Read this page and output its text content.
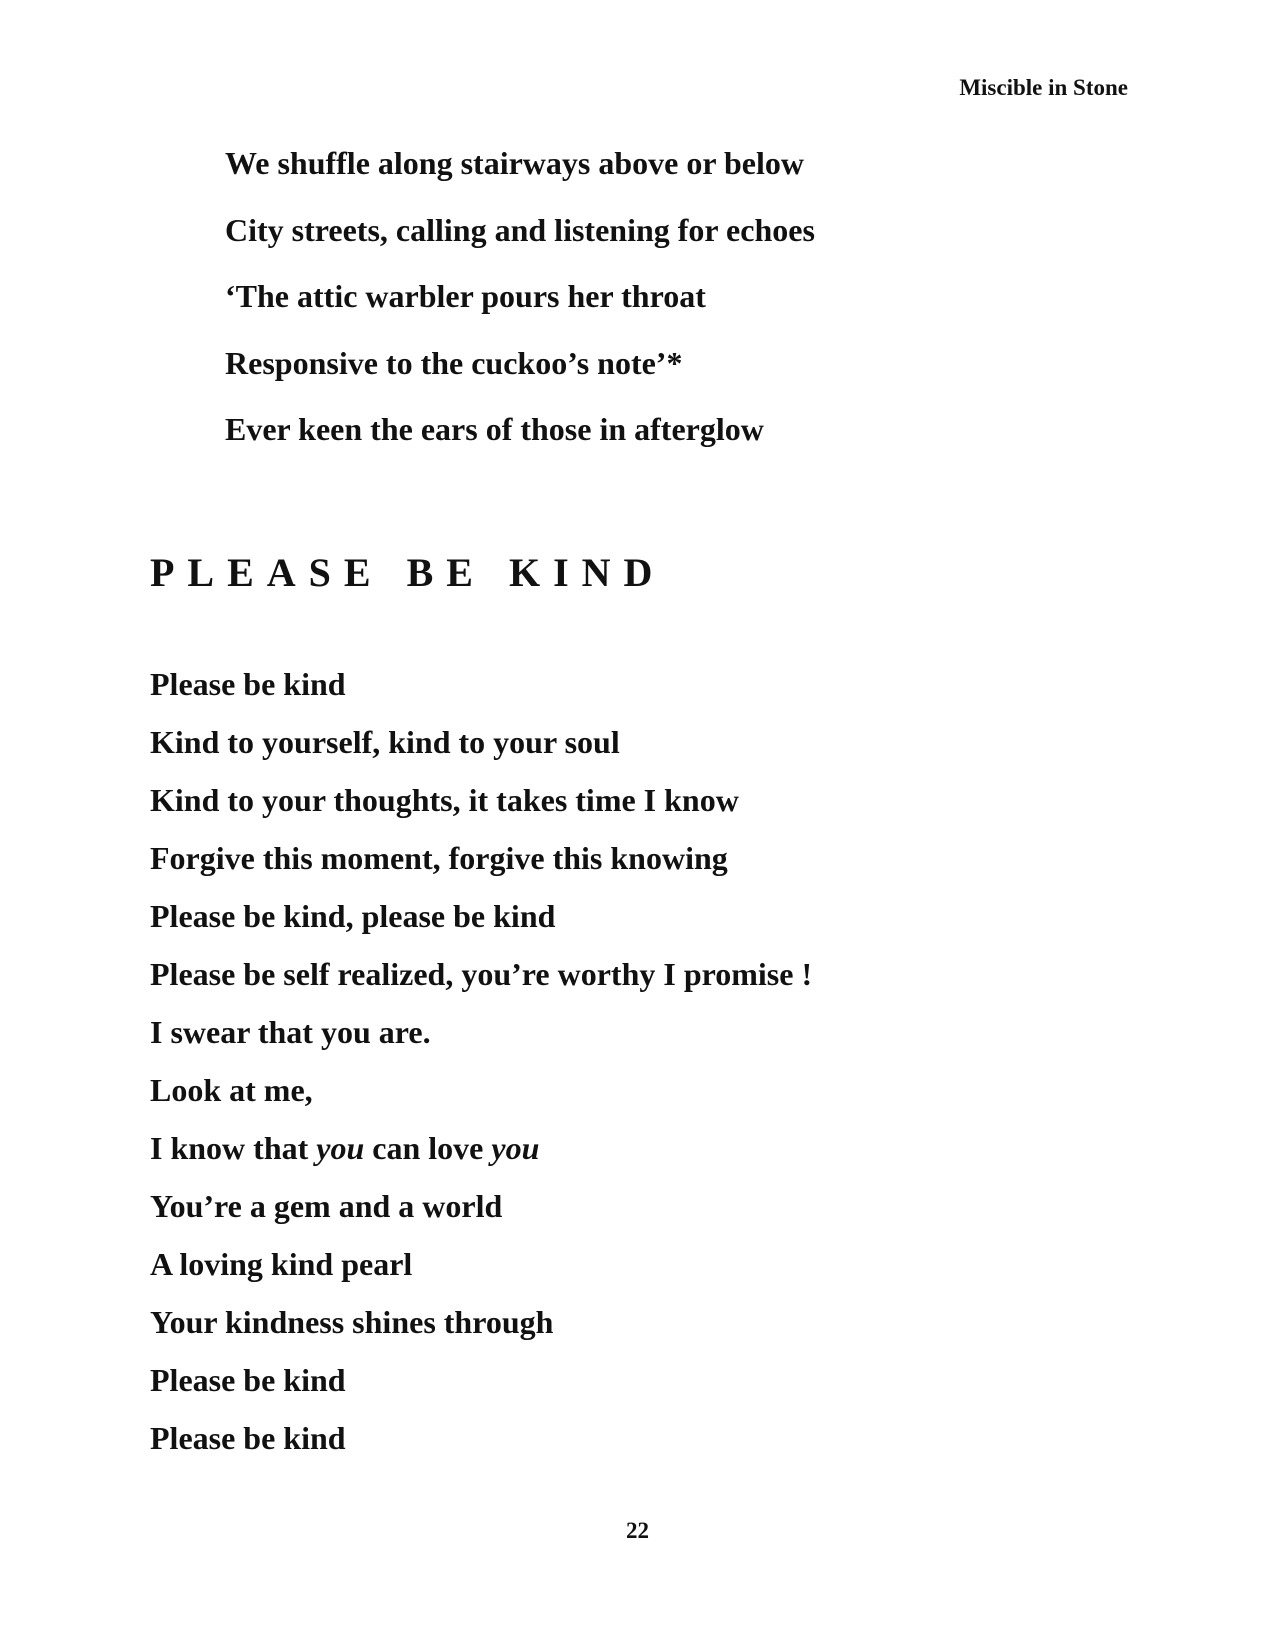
Miscible in Stone
We shuffle along stairways above or below
City streets, calling and listening for echoes
‘The attic warbler pours her throat
Responsive to the cuckoo’s note’*
Ever keen the ears of those in afterglow
PLEASE BE KIND
Please be kind
Kind to yourself, kind to your soul
Kind to your thoughts, it takes time I know
Forgive this moment, forgive this knowing
Please be kind, please be kind
Please be self realized, you’re worthy I promise !
I swear that you are.
Look at me,
I know that you can love you
You’re a gem and a world
A loving kind pearl
Your kindness shines through
Please be kind
Please be kind
22
